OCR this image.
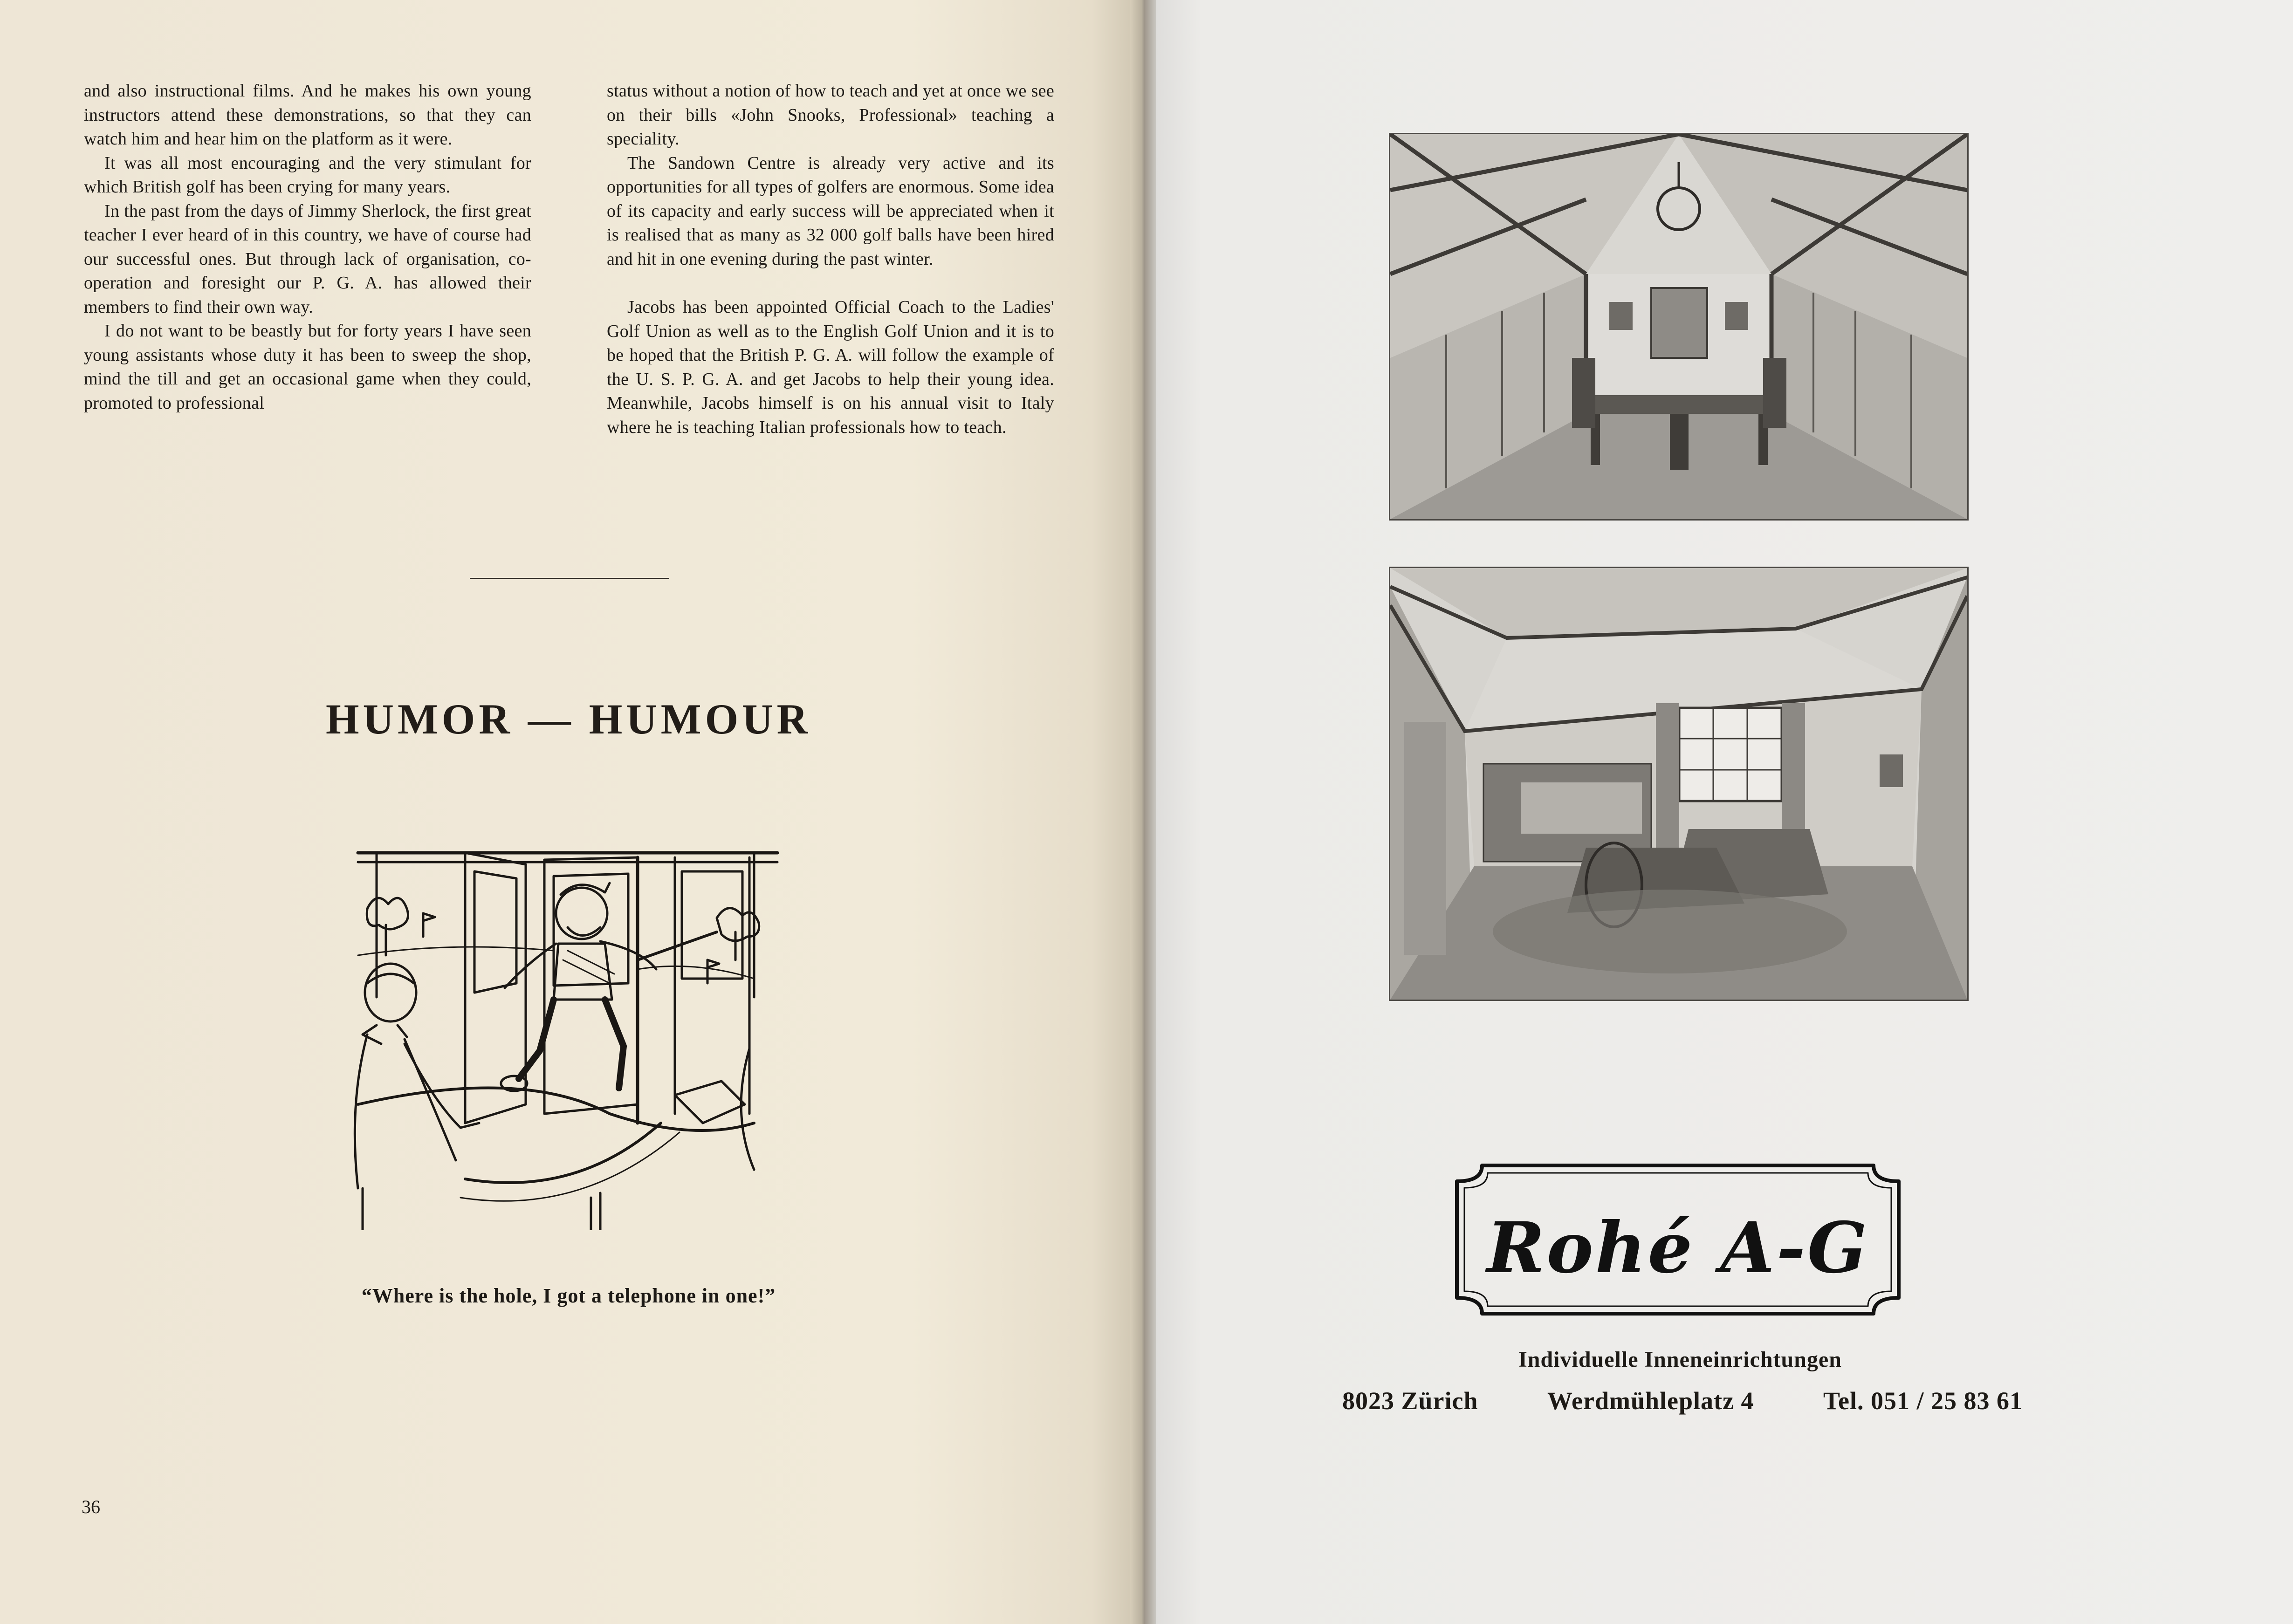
and also instructional films. And he makes his own young instructors attend these demonstrations, so that they can watch him and hear him on the platform as it were.

It was all most encouraging and the very stimulant for which British golf has been crying for many years.

In the past from the days of Jimmy Sherlock, the first great teacher I ever heard of in this country, we have of course had our successful ones. But through lack of organisation, co-operation and foresight our P. G. A. has allowed their members to find their own way.

I do not want to be beastly but for forty years I have seen young assistants whose duty it has been to sweep the shop, mind the till and get an occasional game when they could, promoted to professional

status without a notion of how to teach and yet at once we see on their bills «John Snooks, Professional» teaching a speciality.

The Sandown Centre is already very active and its opportunities for all types of golfers are enormous. Some idea of its capacity and early success will be appreciated when it is realised that as many as 32 000 golf balls have been hired and hit in one evening during the past winter.

Jacobs has been appointed Official Coach to the Ladies' Golf Union as well as to the English Golf Union and it is to be hoped that the British P. G. A. will follow the example of the U. S. P. G. A. and get Jacobs to help their young idea. Meanwhile, Jacobs himself is on his annual visit to Italy where he is teaching Italian professionals how to teach.

HUMOR — HUMOUR
“Where is the hole, I got a telephone in one!”
36
Rohé A-G
Individuelle Inneneinrichtungen
8023 Zürich	Werdmühleplatz 4	Tel. 051 / 25 83 61
